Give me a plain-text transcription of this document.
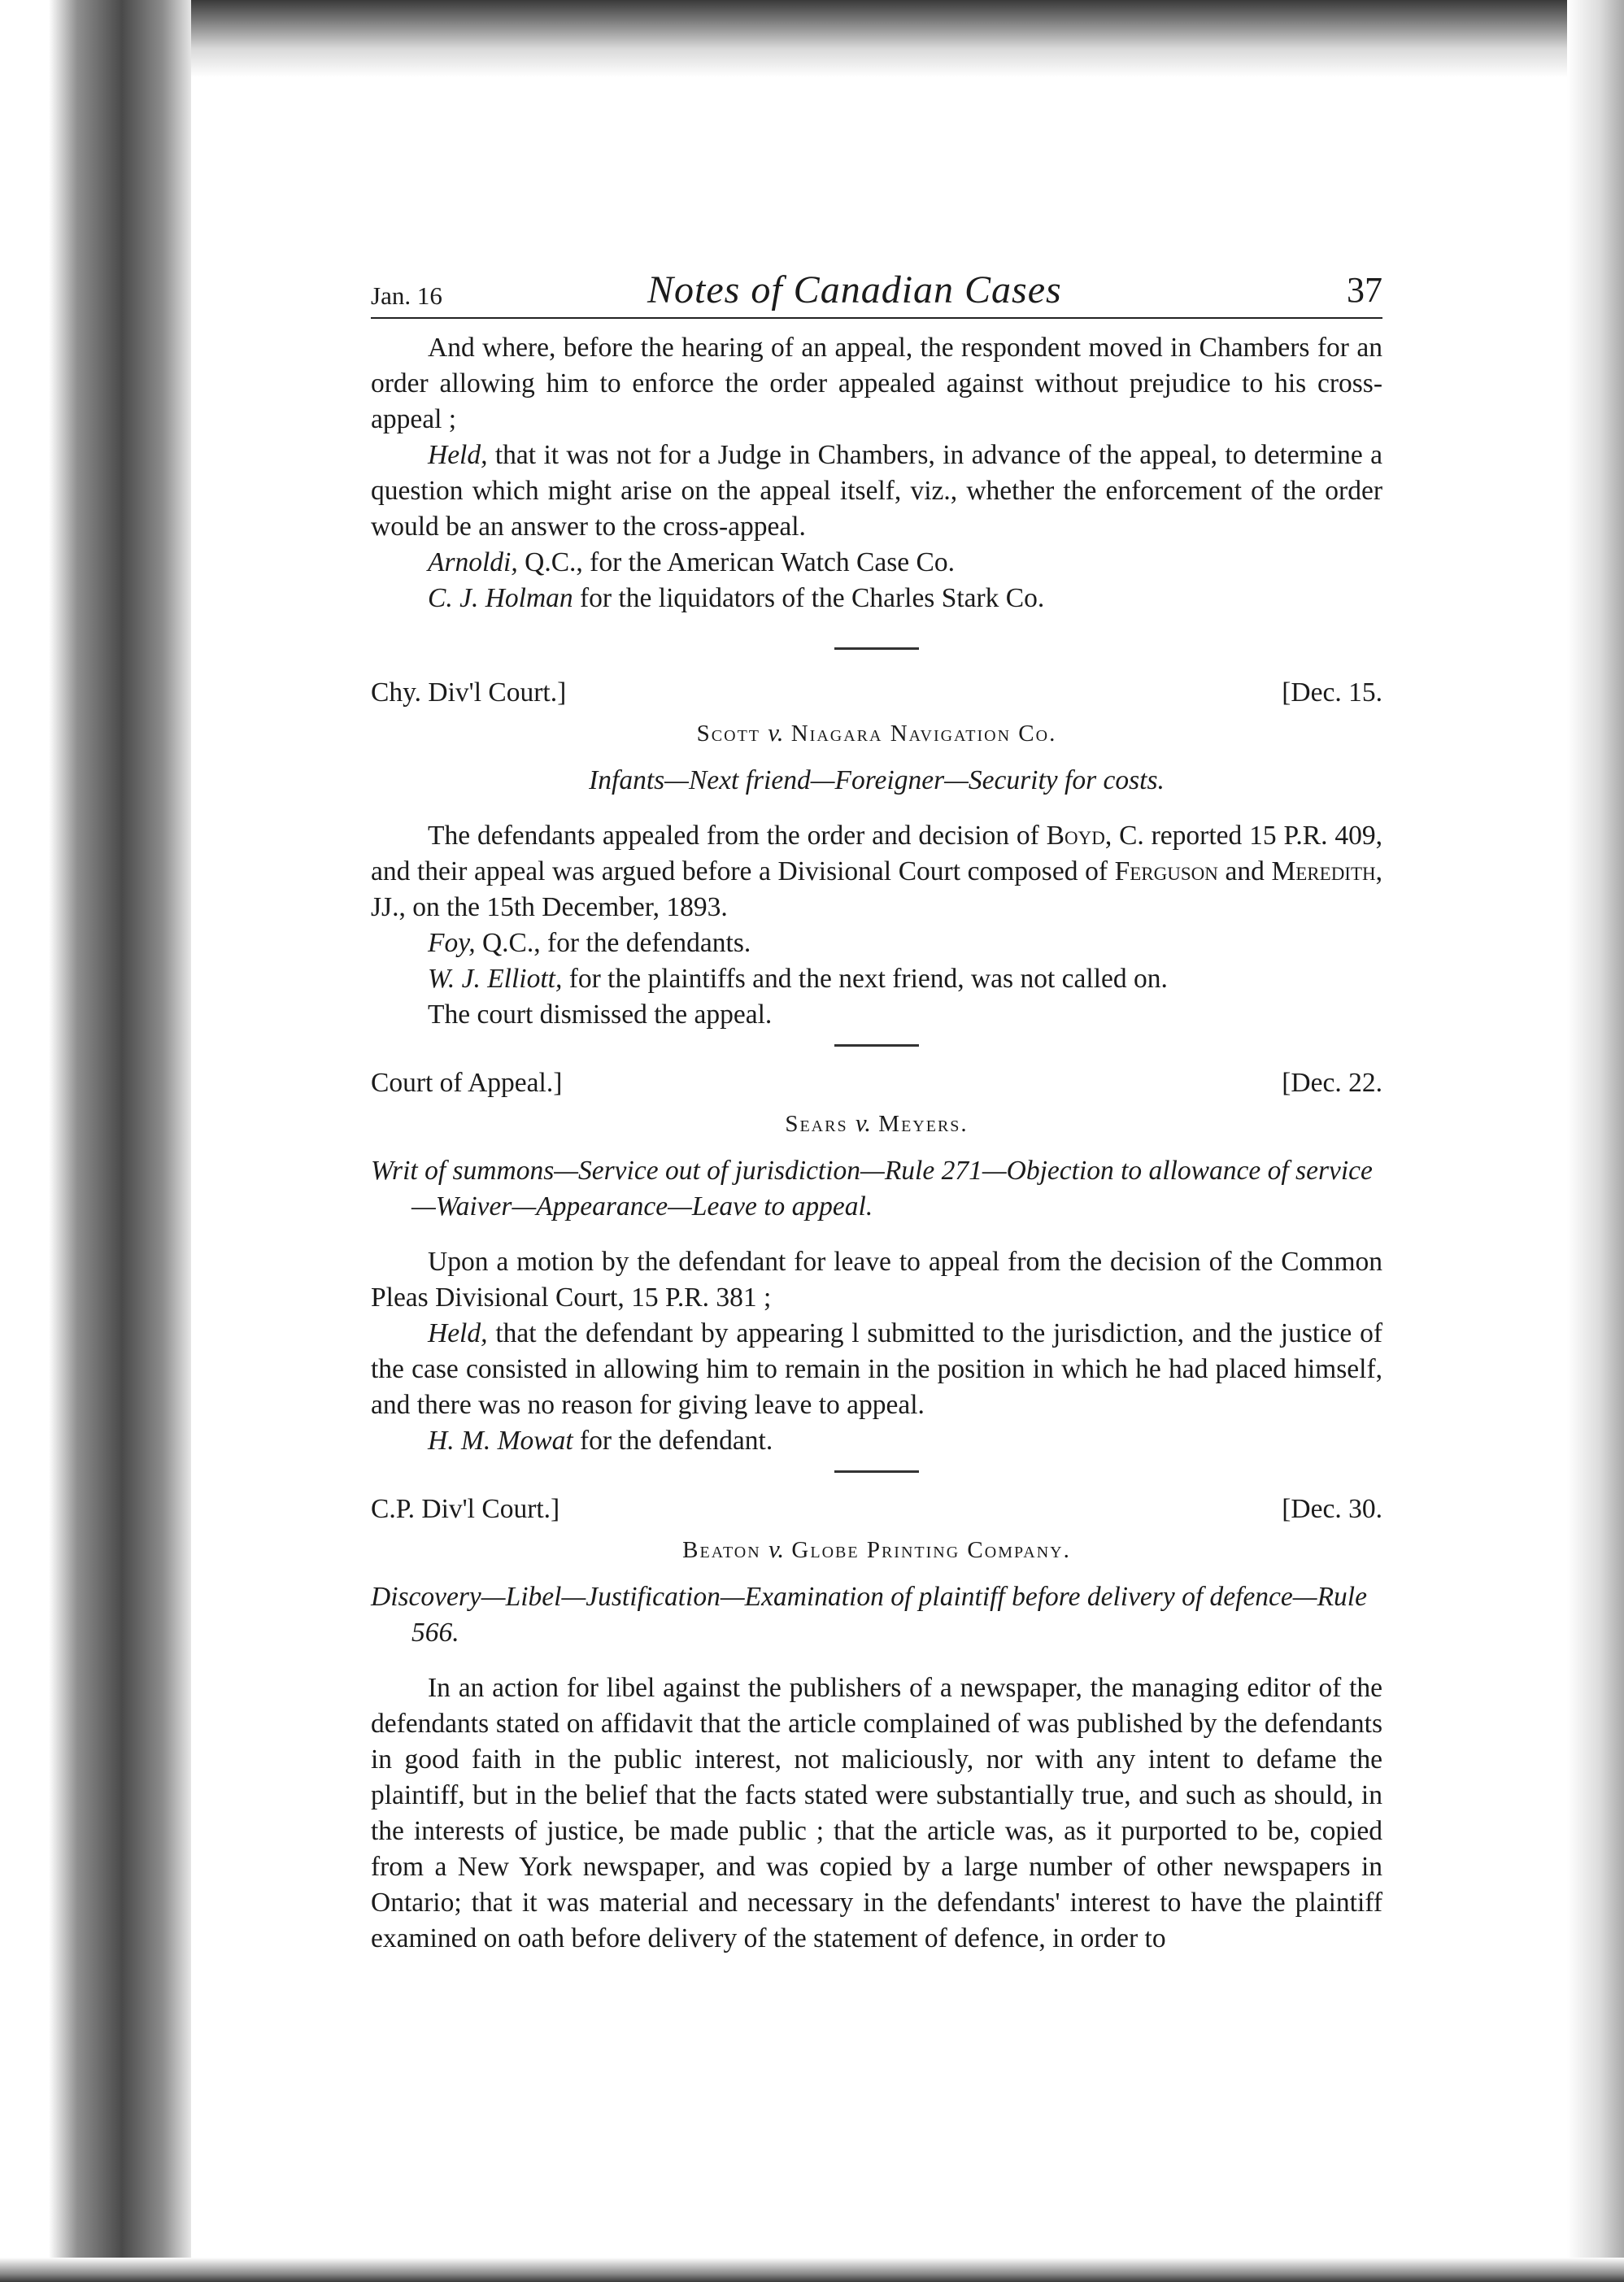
Jan. 16	Notes of Canadian Cases	37

And where, before the hearing of an appeal, the respondent moved in Chambers for an order allowing him to enforce the order appealed against without prejudice to his cross-appeal ;

Held, that it was not for a Judge in Chambers, in advance of the appeal, to determine a question which might arise on the appeal itself, viz., whether the enforcement of the order would be an answer to the cross-appeal.

Arnoldi, Q.C., for the American Watch Case Co.

C. J. Holman for the liquidators of the Charles Stark Co.

Chy. Div'l Court.]	[Dec. 15.
Scott v. Niagara Navigation Co.
Infants—Next friend—Foreigner—Security for costs.

The defendants appealed from the order and decision of Boyd, C. reported 15 P.R. 409, and their appeal was argued before a Divisional Court composed of Ferguson and Meredith, JJ., on the 15th December, 1893.

Foy, Q.C., for the defendants.

W. J. Elliott, for the plaintiffs and the next friend, was not called on.

The court dismissed the appeal.

Court of Appeal.]	[Dec. 22.
Sears v. Meyers.
Writ of summons—Service out of jurisdiction—Rule 271—Objection to allowance of service—Waiver—Appearance—Leave to appeal.

Upon a motion by the defendant for leave to appeal from the decision of the Common Pleas Divisional Court, 15 P.R. 381 ;

Held, that the defendant by appearing l submitted to the jurisdiction, and the justice of the case consisted in allowing him to remain in the position in which he had placed himself, and there was no reason for giving leave to appeal.

H. M. Mowat for the defendant.

C.P. Div'l Court.]	[Dec. 30.
Beaton v. Globe Printing Company.
Discovery—Libel—Justification—Examination of plaintiff before delivery of defence—Rule 566.

In an action for libel against the publishers of a newspaper, the managing editor of the defendants stated on affidavit that the article complained of was published by the defendants in good faith in the public interest, not maliciously, nor with any intent to defame the plaintiff, but in the belief that the facts stated were substantially true, and such as should, in the interests of justice, be made public ; that the article was, as it purported to be, copied from a New York newspaper, and was copied by a large number of other newspapers in Ontario; that it was material and necessary in the defendants' interest to have the plaintiff examined on oath before delivery of the statement of defence, in order to
